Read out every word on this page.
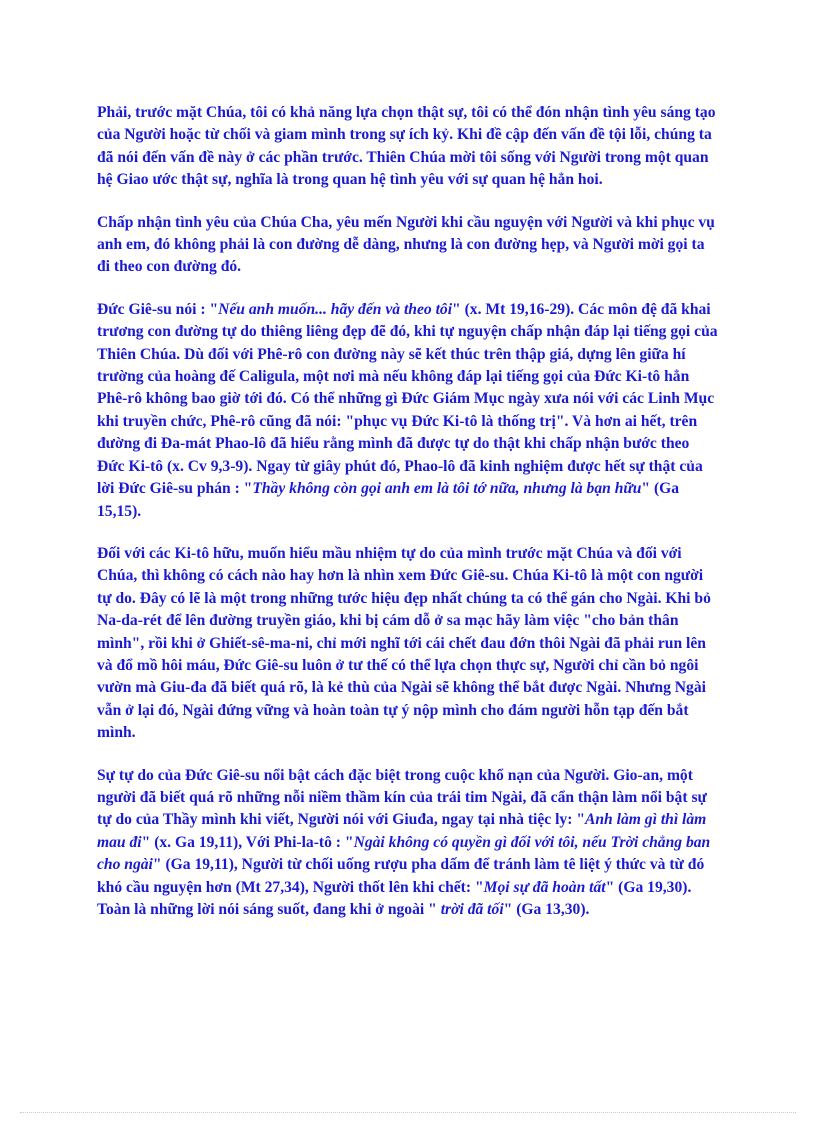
Phải, trước mặt Chúa, tôi có khả năng lựa chọn thật sự, tôi có thể đón nhận tình yêu sáng tạo của Người hoặc từ chối và giam mình trong sự ích kỷ. Khi đề cập đến vấn đề tội lỗi, chúng ta đã nói đến vấn đề này ở các phần trước. Thiên Chúa mời tôi sống với Người trong một quan hệ Giao ước thật sự, nghĩa là trong quan hệ tình yêu với sự quan hệ hẳn hoi.

Chấp nhận tình yêu của Chúa Cha, yêu mến Người khi cầu nguyện với Người và khi phục vụ anh em, đó không phải là con đường dễ dàng, nhưng là con đường hẹp, và Người mời gọi ta đi theo con đường đó.

Đức Giê-su nói : "Nếu anh muốn... hãy đến và theo tôi" (x. Mt 19,16-29). Các môn đệ đã khai trương con đường tự do thiêng liêng đẹp đẽ đó, khi tự nguyện chấp nhận đáp lại tiếng gọi của Thiên Chúa. Dù đối với Phê-rô con đường này sẽ kết thúc trên thập giá, dựng lên giữa hí trường của hoàng đế Caligula, một nơi mà nếu không đáp lại tiếng gọi của Đức Ki-tô hẳn Phê-rô không bao giờ tới đó. Có thể những gì Đức Giám Mục ngày xưa nói với các Linh Mục khi truyền chức, Phê-rô cũng đã nói: "phục vụ Đức Ki-tô là thống trị". Và hơn ai hết, trên đường đi Đa-mát Phao-lô đã hiểu rằng mình đã được tự do thật khi chấp nhận bước theo Đức Ki-tô (x. Cv 9,3-9). Ngay từ giây phút đó, Phao-lô đã kinh nghiệm được hết sự thật của lời Đức Giê-su phán : "Thầy không còn gọi anh em là tôi tớ nữa, nhưng là bạn hữu" (Ga 15,15).

Đối với các Ki-tô hữu, muốn hiểu mầu nhiệm tự do của mình trước mặt Chúa và đối với Chúa, thì không có cách nào hay hơn là nhìn xem Đức Giê-su. Chúa Ki-tô là một con người tự do. Đây có lẽ là một trong những tước hiệu đẹp nhất chúng ta có thể gán cho Ngài. Khi bỏ Na-da-rét để lên đường truyền giáo, khi bị cám dỗ ở sa mạc hãy làm việc "cho bản thân mình", rồi khi ở Ghiết-sê-ma-ni, chỉ mới nghĩ tới cái chết đau đớn thôi Ngài đã phải run lên và đổ mồ hôi máu, Đức Giê-su luôn ở tư thế có thể lựa chọn thực sự, Người chỉ cần bỏ ngôi vườn mà Giu-đa đã biết quá rõ, là kẻ thù của Ngài sẽ không thể bắt được Ngài. Nhưng Ngài vẫn ở lại đó, Ngài đứng vững và hoàn toàn tự ý nộp mình cho đám người hỗn tạp đến bắt mình.

Sự tự do của Đức Giê-su nổi bật cách đặc biệt trong cuộc khổ nạn của Người. Gio-an, một người đã biết quá rõ những nỗi niềm thầm kín của trái tim Ngài, đã cẩn thận làm nổi bật sự tự do của Thầy mình khi viết, Người nói với Giuđa, ngay tại nhà tiệc ly: "Anh làm gì thì làm mau đi" (x. Ga 19,11), Với Phi-la-tô : "Ngài không có quyền gì đối với tôi, nếu Trời chẳng ban cho ngài" (Ga 19,11), Người từ chối uống rượu pha dấm để tránh làm tê liệt ý thức và từ đó khó cầu nguyện hơn (Mt 27,34), Người thốt lên khi chết: "Mọi sự đã hoàn tất" (Ga 19,30). Toàn là những lời nói sáng suốt, đang khi ở ngoài " trời đã tối" (Ga 13,30).
